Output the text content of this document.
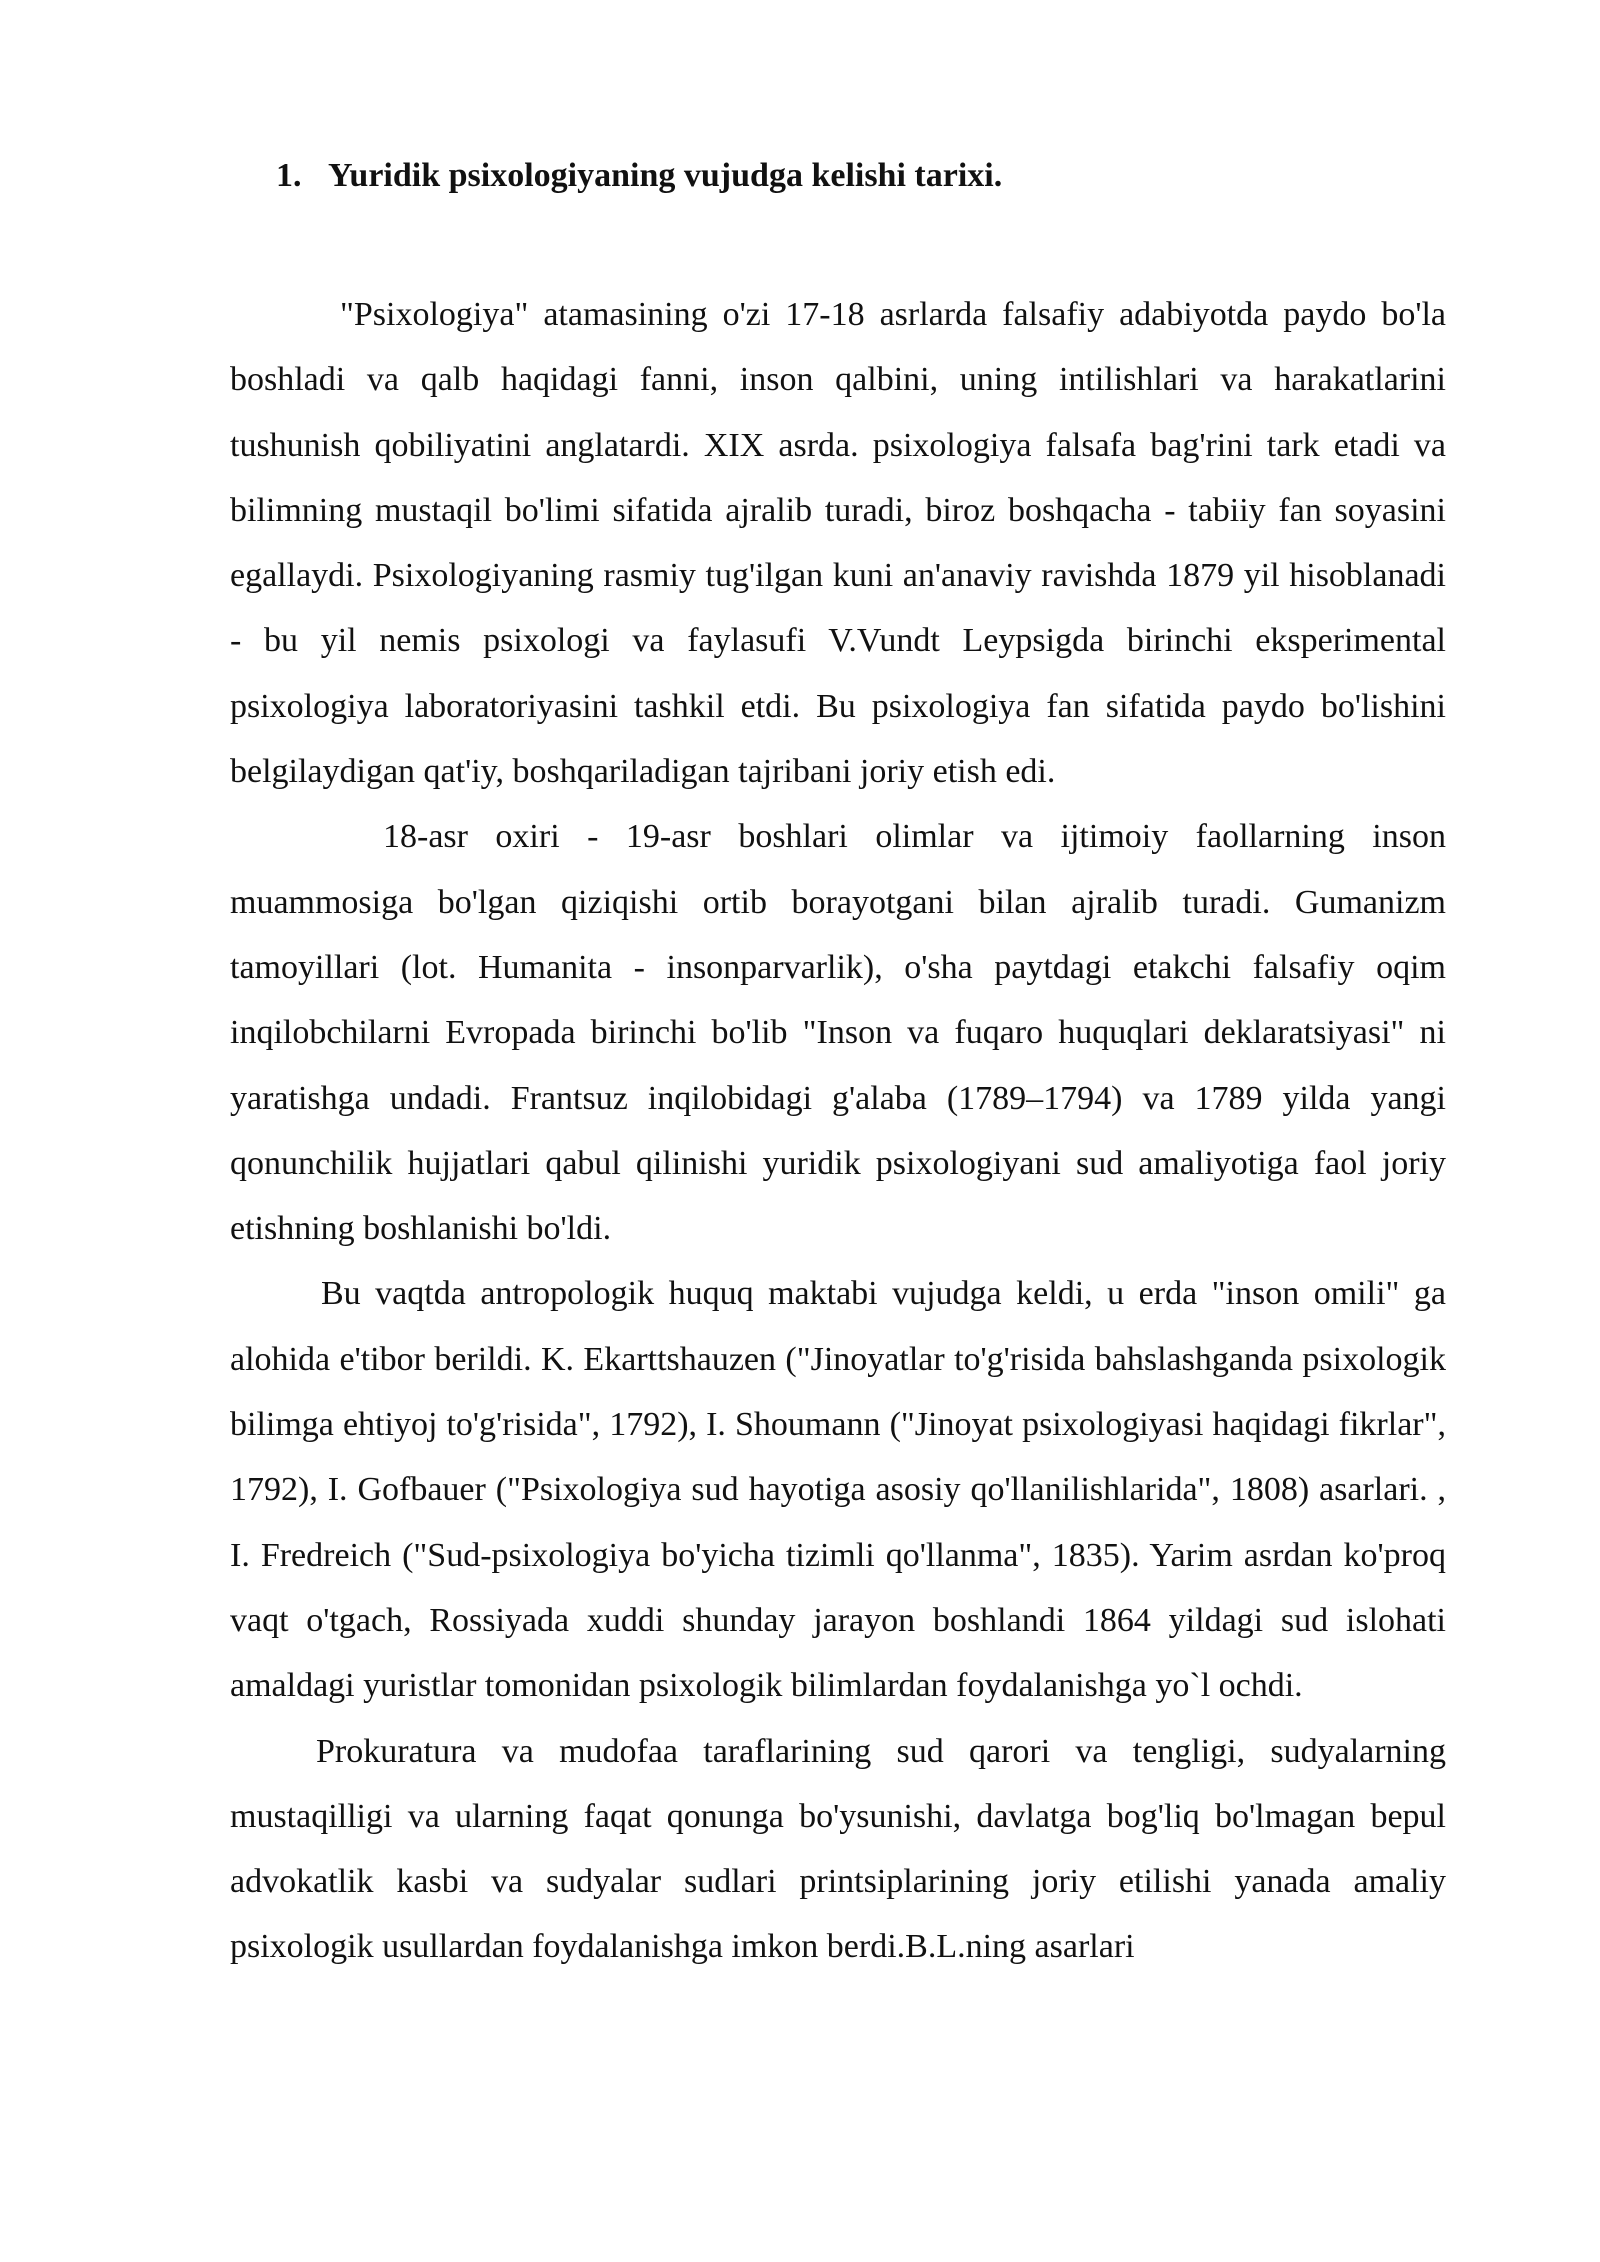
1. Yuridik psixologiyaning vujudga kelishi tarixi.

"Psixologiya" atamasining o'zi 17-18 asrlarda falsafiy adabiyotda paydo bo'la boshladi va qalb haqidagi fanni, inson qalbini, uning intilishlari va harakatlarini tushunish qobiliyatini anglatardi. XIX asrda. psixologiya falsafa bag'rini tark etadi va bilimning mustaqil bo'limi sifatida ajralib turadi, biroz boshqacha - tabiiy fan soyasini egallaydi. Psixologiyaning rasmiy tug'ilgan kuni an'anaviy ravishda 1879 yil hisoblanadi - bu yil nemis psixologi va faylasufi V.Vundt Leypsigda birinchi eksperimental psixologiya laboratoriyasini tashkil etdi. Bu psixologiya fan sifatida paydo bo'lishini belgilaydigan qat'iy, boshqariladigan tajribani joriy etish edi.

18-asr oxiri - 19-asr boshlari olimlar va ijtimoiy faollarning inson muammosiga bo'lgan qiziqishi ortib borayotgani bilan ajralib turadi. Gumanizm tamoyillari (lot. Humanita - insonparvarlik), o'sha paytdagi etakchi falsafiy oqim inqilobchilarni Evropada birinchi bo'lib "Inson va fuqaro huquqlari deklaratsiyasi" ni yaratishga undadi. Frantsuz inqilobidagi g'alaba (1789–1794) va 1789 yilda yangi qonunchilik hujjatlari qabul qilinishi yuridik psixologiyani sud amaliyotiga faol joriy etishning boshlanishi bo'ldi.

Bu vaqtda antropologik huquq maktabi vujudga keldi, u erda "inson omili" ga alohida e'tibor berildi. K. Ekarttshauzen ("Jinoyatlar to'g'risida bahslashganda psixologik bilimga ehtiyoj to'g'risida", 1792), I. Shoumann ("Jinoyat psixologiyasi haqidagi fikrlar", 1792), I. Gofbauer ("Psixologiya sud hayotiga asosiy qo'llanilishlarida", 1808) asarlari. , I. Fredreich ("Sud-psixologiya bo'yicha tizimli qo'llanma", 1835). Yarim asrdan ko'proq vaqt o'tgach, Rossiyada xuddi shunday jarayon boshlandi 1864 yildagi sud islohati amaldagi yuristlar tomonidan psixologik bilimlardan foydalanishga yo`l ochdi.

Prokuratura va mudofaa taraflarining sud qarori va tengligi, sudyalarning mustaqilligi va ularning faqat qonunga bo'ysunishi, davlatga bog'liq bo'lmagan bepul advokatlik kasbi va sudyalar sudlari printsiplarining joriy etilishi yanada amaliy psixologik usullardan foydalanishga imkon berdi.B.L.ning asarlari
